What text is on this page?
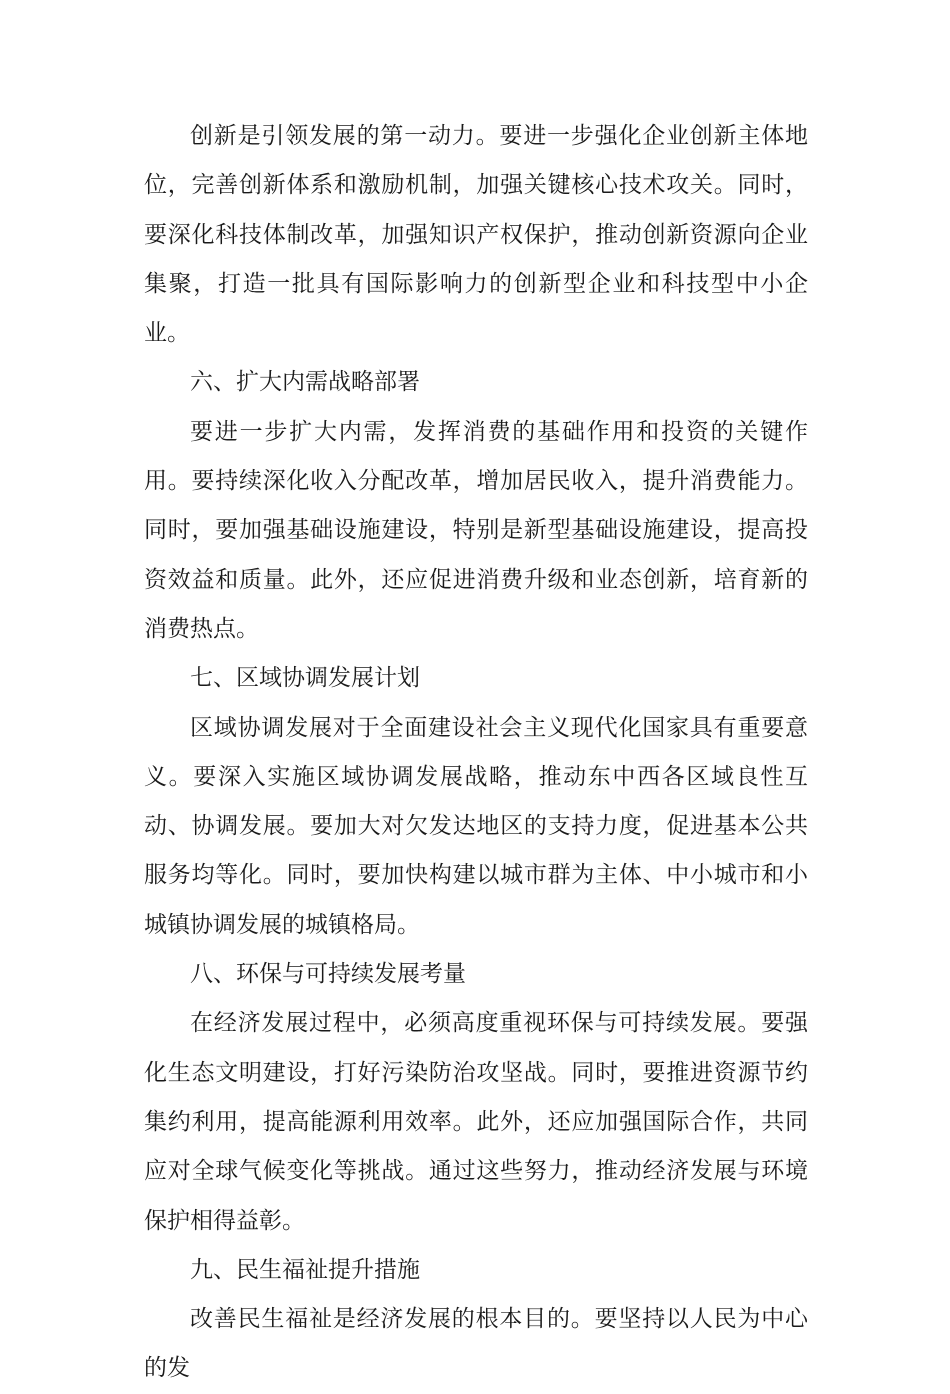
创新是引领发展的第一动力。要进一步强化企业创新主体地位，完善创新体系和激励机制，加强关键核心技术攻关。同时，要深化科技体制改革，加强知识产权保护，推动创新资源向企业集聚，打造一批具有国际影响力的创新型企业和科技型中小企业。

六、扩大内需战略部署

要进一步扩大内需，发挥消费的基础作用和投资的关键作用。要持续深化收入分配改革，增加居民收入，提升消费能力。同时，要加强基础设施建设，特别是新型基础设施建设，提高投资效益和质量。此外，还应促进消费升级和业态创新，培育新的消费热点。

七、区域协调发展计划

区域协调发展对于全面建设社会主义现代化国家具有重要意义。要深入实施区域协调发展战略，推动东中西各区域良性互动、协调发展。要加大对欠发达地区的支持力度，促进基本公共服务均等化。同时，要加快构建以城市群为主体、中小城市和小城镇协调发展的城镇格局。

八、环保与可持续发展考量

在经济发展过程中，必须高度重视环保与可持续发展。要强化生态文明建设，打好污染防治攻坚战。同时，要推进资源节约集约利用，提高能源利用效率。此外，还应加强国际合作，共同应对全球气候变化等挑战。通过这些努力，推动经济发展与环境保护相得益彰。

九、民生福祉提升措施

改善民生福祉是经济发展的根本目的。要坚持以人民为中心的发
